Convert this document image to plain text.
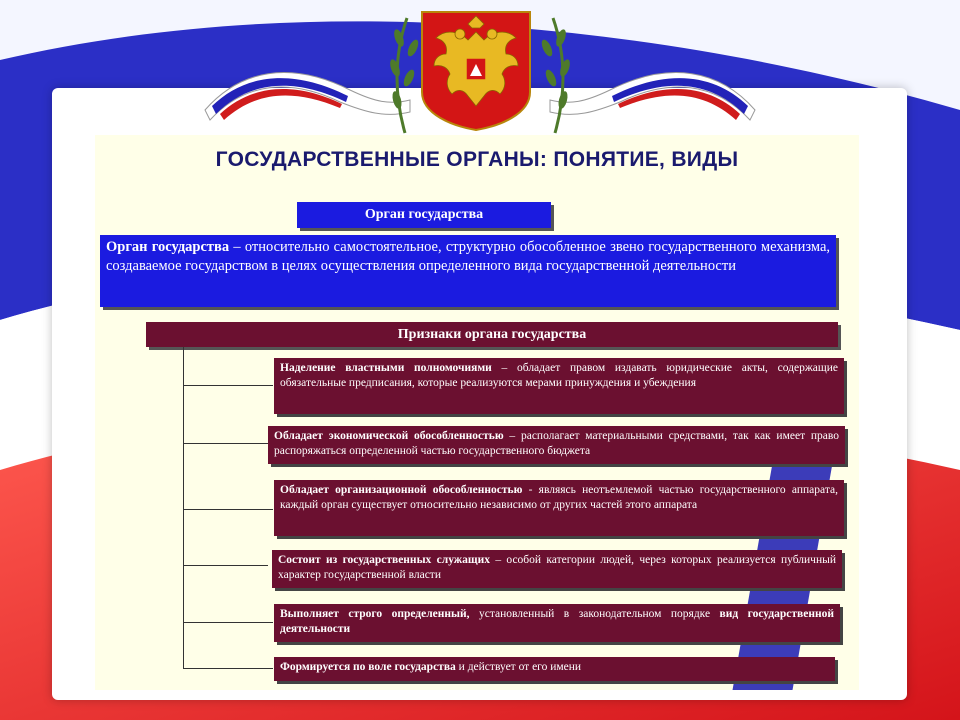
ГОСУДАРСТВЕННЫЕ ОРГАНЫ: ПОНЯТИЕ, ВИДЫ
Орган государства
Орган государства – относительно самостоятельное, структурно обособленное звено государственного механизма, создаваемое государством в целях осуществления определенного вида государственной деятельности
Признаки органа государства
Наделение властными полномочиями – обладает правом издавать юридические акты, содержащие обязательные предписания, которые реализуются мерами принуждения и убеждения
Обладает экономической обособленностью – располагает материальными средствами, так как имеет право распоряжаться определенной частью государственного бюджета
Обладает организационной обособленностью - являясь неотъемлемой частью государственного аппарата, каждый орган существует относительно независимо от других частей этого аппарата
Состоит из государственных служащих – особой категории людей, через которых реализуется публичный характер государственной власти
Выполняет строго определенный, установленный в законодательном порядке вид государственной деятельности
Формируется по воле государства и действует от его имени
